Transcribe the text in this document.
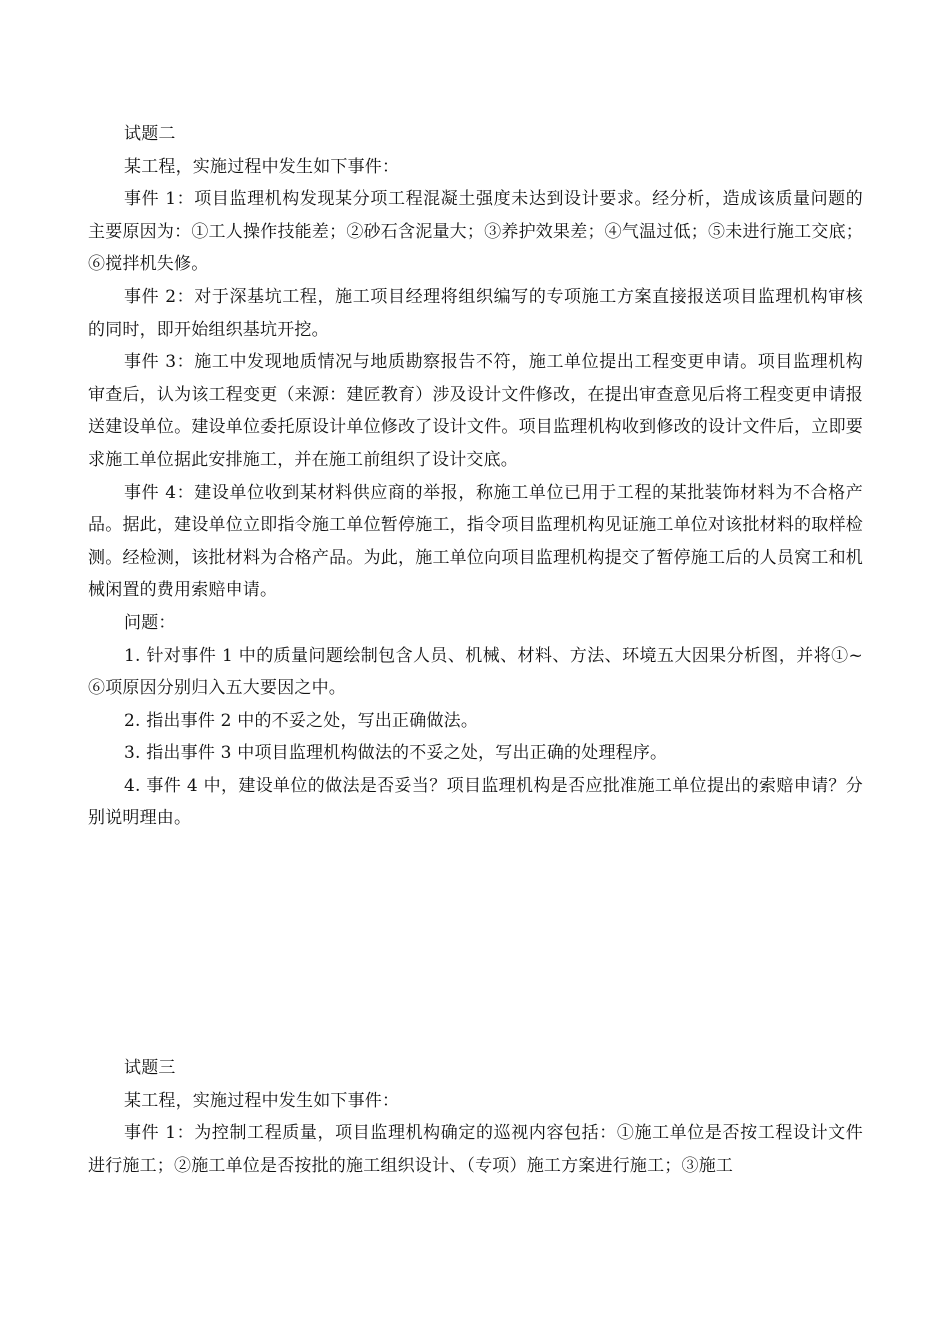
试题二

某工程，实施过程中发生如下事件：

事件 1：项目监理机构发现某分项工程混凝土强度未达到设计要求。经分析，造成该质量问题的主要原因为：①工人操作技能差；②砂石含泥量大；③养护效果差；④气温过低；⑤未进行施工交底；⑥搅拌机失修。

事件 2：对于深基坑工程，施工项目经理将组织编写的专项施工方案直接报送项目监理机构审核的同时，即开始组织基坑开挖。

事件 3：施工中发现地质情况与地质勘察报告不符，施工单位提出工程变更申请。项目监理机构审查后，认为该工程变更（来源：建匠教育）涉及设计文件修改，在提出审查意见后将工程变更申请报送建设单位。建设单位委托原设计单位修改了设计文件。项目监理机构收到修改的设计文件后，立即要求施工单位据此安排施工，并在施工前组织了设计交底。

事件 4：建设单位收到某材料供应商的举报，称施工单位已用于工程的某批装饰材料为不合格产品。据此，建设单位立即指令施工单位暂停施工，指令项目监理机构见证施工单位对该批材料的取样检测。经检测，该批材料为合格产品。为此，施工单位向项目监理机构提交了暂停施工后的人员窝工和机械闲置的费用索赔申请。

问题：

1. 针对事件 1 中的质量问题绘制包含人员、机械、材料、方法、环境五大因果分析图，并将①~⑥项原因分别归入五大要因之中。

2. 指出事件 2 中的不妥之处，写出正确做法。

3. 指出事件 3 中项目监理机构做法的不妥之处，写出正确的处理程序。

4. 事件 4 中，建设单位的做法是否妥当？项目监理机构是否应批准施工单位提出的索赔申请？分别说明理由。

试题三

某工程，实施过程中发生如下事件：

事件 1：为控制工程质量，项目监理机构确定的巡视内容包括：①施工单位是否按工程设计文件进行施工；②施工单位是否按批的施工组织设计、（专项）施工方案进行施工；③施工
